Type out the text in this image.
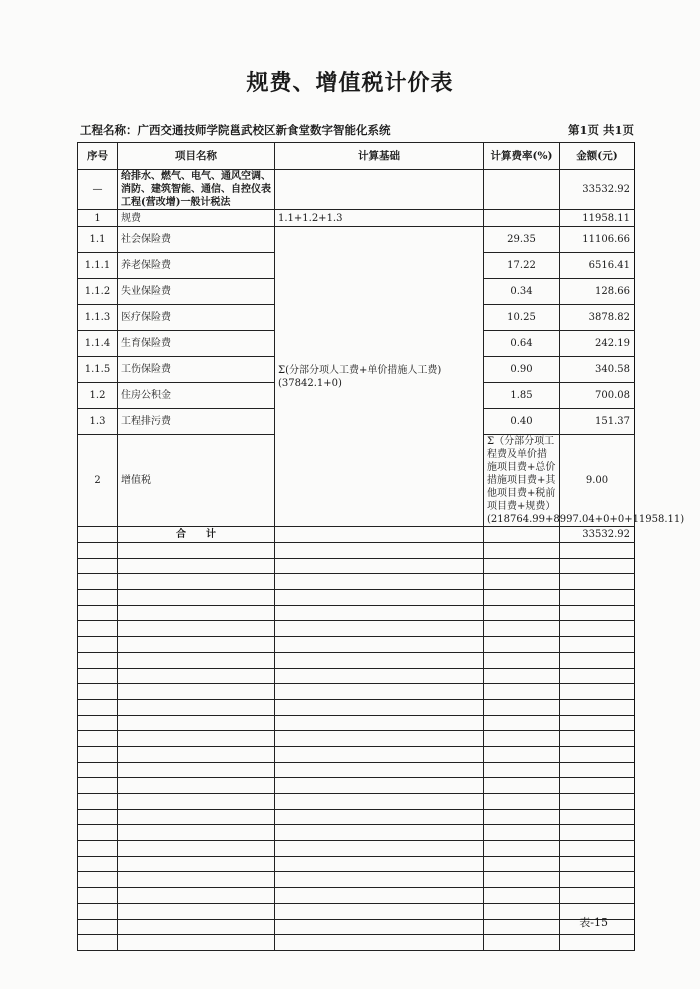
规费、增值税计价表
工程名称：广西交通技师学院邕武校区新食堂数字智能化系统	第1页 共1页
序号	项目名称	计算基础	计算费率(%)	金额(元)	
—	给排水、燃气、电气、通风空调、消防、建筑智能、通信、自控仪表工程(营改增)一般计税法			33532.92	
1	规费	1.1+1.2+1.3		11958.11	
1.1	社会保险费	Σ(分部分项人工费+单价措施人工费)(37842.1+0)	29.35	11106.66	
1.1.1	养老保险费		17.22	6516.41	
1.1.2	失业保险费		0.34	128.66	
1.1.3	医疗保险费		10.25	3878.82	
1.1.4	生育保险费		0.64	242.19	
1.1.5	工伤保险费		0.90	340.58	
1.2	住房公积金		1.85	700.08	
1.3	工程排污费		0.40	151.37	
2	增值税		Σ（分部分项工程费及单价措施项目费+总价措施项目费+其他项目费+税前项目费+规费）(218764.99+8997.04+0+0+11958.11)	9.00	
	合　　计			33532.92	

表-15
